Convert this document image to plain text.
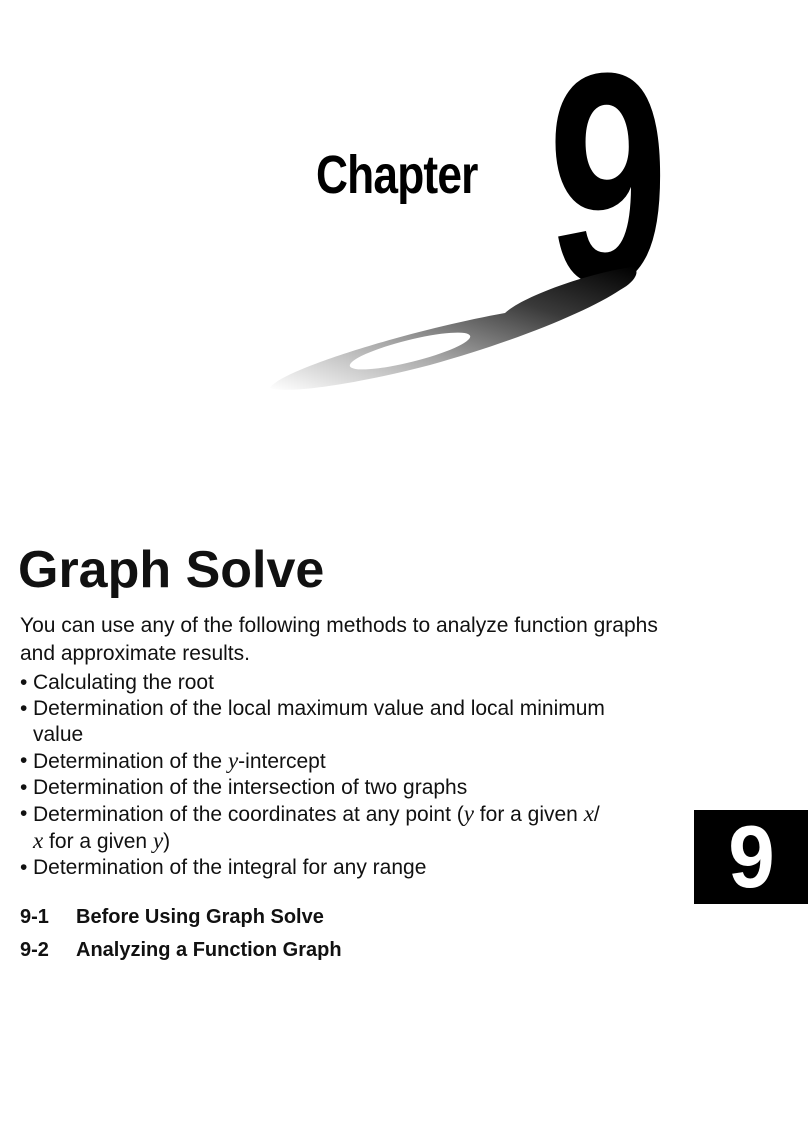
Chapter 9
Graph Solve

You can use any of the following methods to analyze function graphs and approximate results.

• Calculating the root
• Determination of the local maximum value and local minimum value
• Determination of the y-intercept
• Determination of the intersection of two graphs
• Determination of the coordinates at any point (y for a given x/
x for a given y)
• Determination of the integral for any range
9-1 Before Using Graph Solve
9-2 Analyzing a Function Graph
9
